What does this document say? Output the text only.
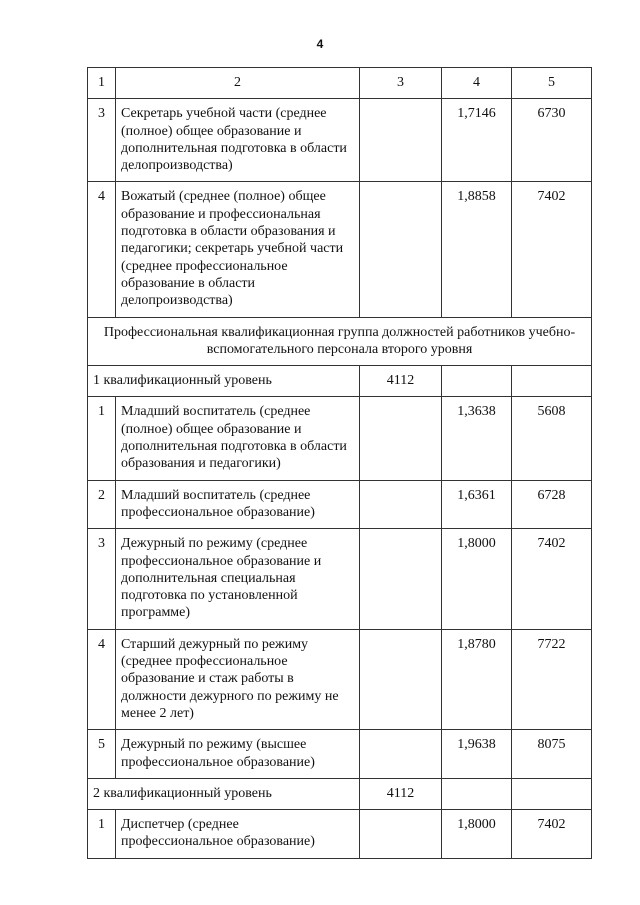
4
1	2	3	4	5
3	Секретарь учебной части (среднее (полное) общее образование и дополнительная подготовка в области делопроизводства)		1,7146	6730
4	Вожатый (среднее (полное) общее образование и профессиональная подготовка в области образования и педагогики; секретарь учебной части (среднее профессиональное образование в области делопроизводства)		1,8858	7402
Профессиональная квалификационная группа должностей работников учебно-вспомогательного персонала второго уровня				
1 квалификационный уровень		4112		
1	Младший воспитатель (среднее (полное) общее образование и дополнительная подготовка в области образования и педагогики)		1,3638	5608
2	Младший воспитатель (среднее профессиональное образование)		1,6361	6728
3	Дежурный по режиму (среднее профессиональное образование и дополнительная специальная подготовка по установленной программе)		1,8000	7402
4	Старший дежурный по режиму (среднее профессиональное образование и стаж работы в должности дежурного по режиму не менее 2 лет)		1,8780	7722
5	Дежурный по режиму (высшее профессиональное образование)		1,9638	8075
2 квалификационный уровень		4112		
1	Диспетчер (среднее профессиональное образование)		1,8000	7402
